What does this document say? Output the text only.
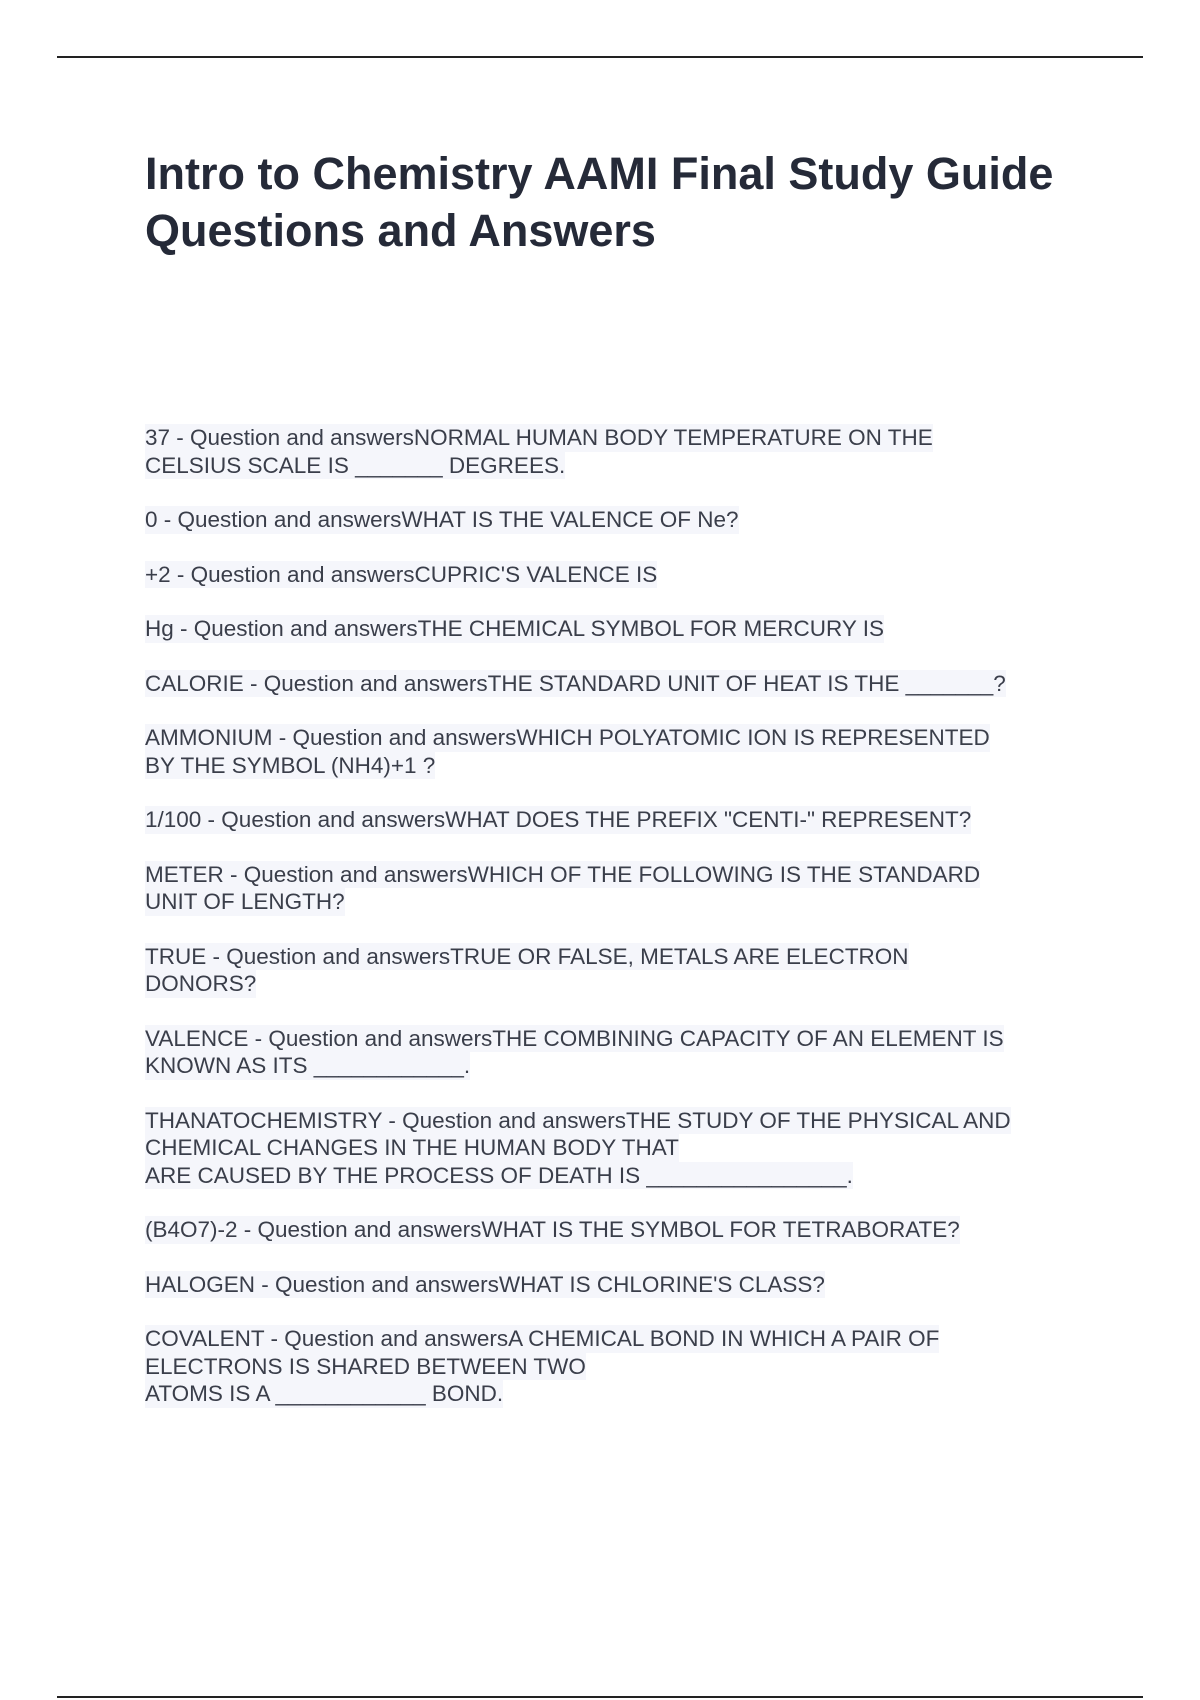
Intro to Chemistry AAMI Final Study Guide Questions and Answers
37 - Question and answersNORMAL HUMAN BODY TEMPERATURE ON THE
CELSIUS SCALE IS _______ DEGREES.
0 - Question and answersWHAT IS THE VALENCE OF Ne?
+2 - Question and answersCUPRIC'S VALENCE IS
Hg - Question and answersTHE CHEMICAL SYMBOL FOR MERCURY IS
CALORIE - Question and answersTHE STANDARD UNIT OF HEAT IS THE _______?
AMMONIUM - Question and answersWHICH POLYATOMIC ION IS REPRESENTED
BY THE SYMBOL (NH4)+1 ?
1/100 - Question and answersWHAT DOES THE PREFIX "CENTI-" REPRESENT?
METER - Question and answersWHICH OF THE FOLLOWING IS THE STANDARD
UNIT OF LENGTH?
TRUE - Question and answersTRUE OR FALSE, METALS ARE ELECTRON
DONORS?
VALENCE - Question and answersTHE COMBINING CAPACITY OF AN ELEMENT IS
KNOWN AS ITS ____________.
THANATOCHEMISTRY - Question and answersTHE STUDY OF THE PHYSICAL AND
CHEMICAL CHANGES IN THE HUMAN BODY THAT
ARE CAUSED BY THE PROCESS OF DEATH IS ________________.
(B4O7)-2 - Question and answersWHAT IS THE SYMBOL FOR TETRABORATE?
HALOGEN - Question and answersWHAT IS CHLORINE'S CLASS?
COVALENT - Question and answersA CHEMICAL BOND IN WHICH A PAIR OF
ELECTRONS IS SHARED BETWEEN TWO
ATOMS IS A ____________ BOND.
